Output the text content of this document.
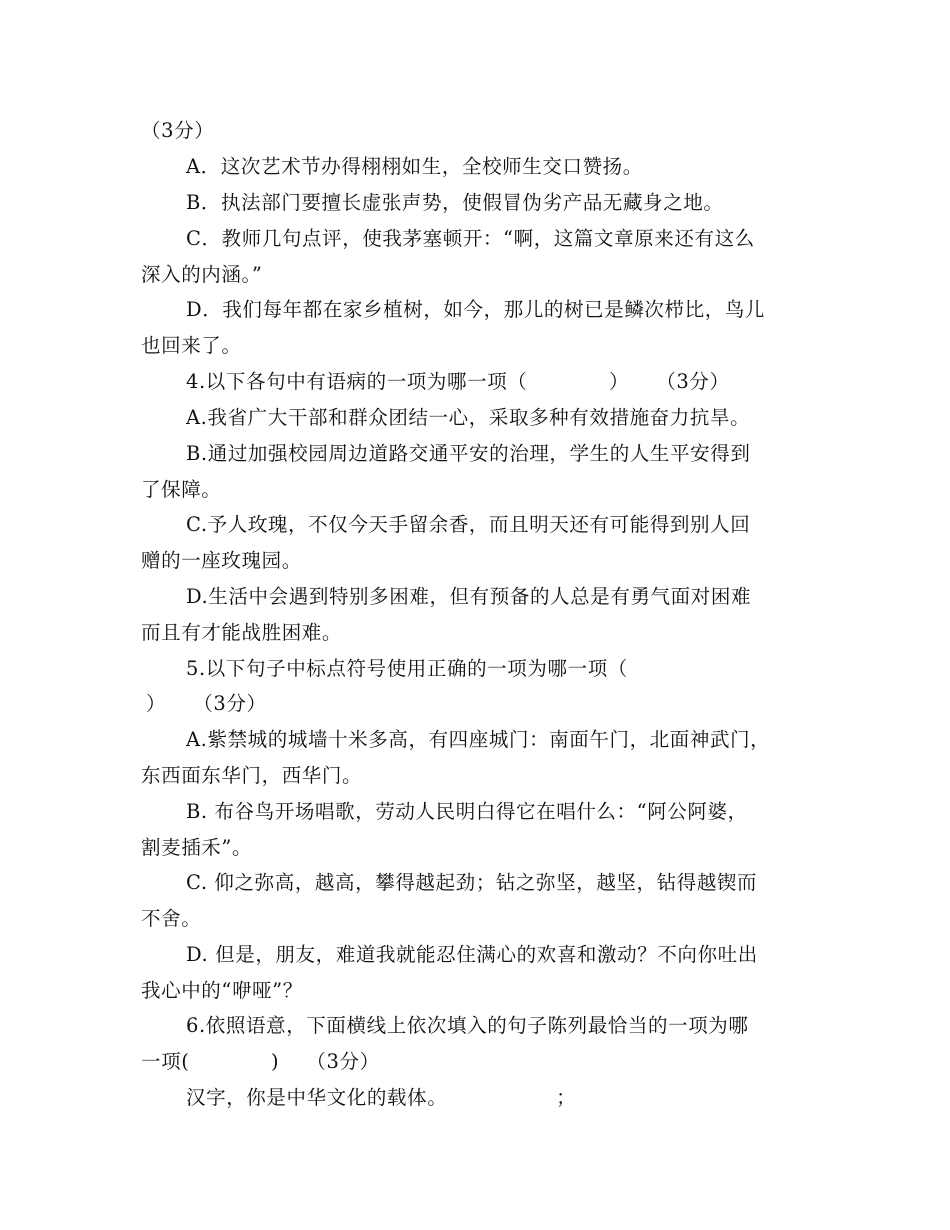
（3分）
A．这次艺术节办得栩栩如生，全校师生交口赞扬。
B．执法部门要擅长虚张声势，使假冒伪劣产品无藏身之地。
C．教师几句点评，使我茅塞顿开：“啊，这篇文章原来还有这么
深入的内涵。”
D．我们每年都在家乡植树，如今，那儿的树已是鳞次栉比，鸟儿
也回来了。
4.以下各句中有语病的一项为哪一项（            ）    （3分）
A.我省广大干部和群众团结一心，采取多种有效措施奋力抗旱。
B.通过加强校园周边道路交通平安的治理，学生的人生平安得到
了保障。
C.予人玫瑰，不仅今天手留余香，而且明天还有可能得到别人回
赠的一座玫瑰园。
D.生活中会遇到特别多困难，但有预备的人总是有勇气面对困难
而且有才能战胜困难。
5.以下句子中标点符号使用正确的一项为哪一项（
）    （3分）
A.紫禁城的城墙十米多高，有四座城门：南面午门，北面神武门，
东西面东华门，西华门。
B. 布谷鸟开场唱歌，劳动人民明白得它在唱什么：“阿公阿婆，
割麦插禾”。
C. 仰之弥高，越高，攀得越起劲；钻之弥坚，越坚，钻得越锲而
不舍。
D. 但是，朋友，难道我就能忍住满心的欢喜和激动？不向你吐出
我心中的“咿哑”？
6.依照语意，下面横线上依次填入的句子陈列最恰当的一项为哪
一项(            )    （3分）
汉字，你是中华文化的载体。                ；
